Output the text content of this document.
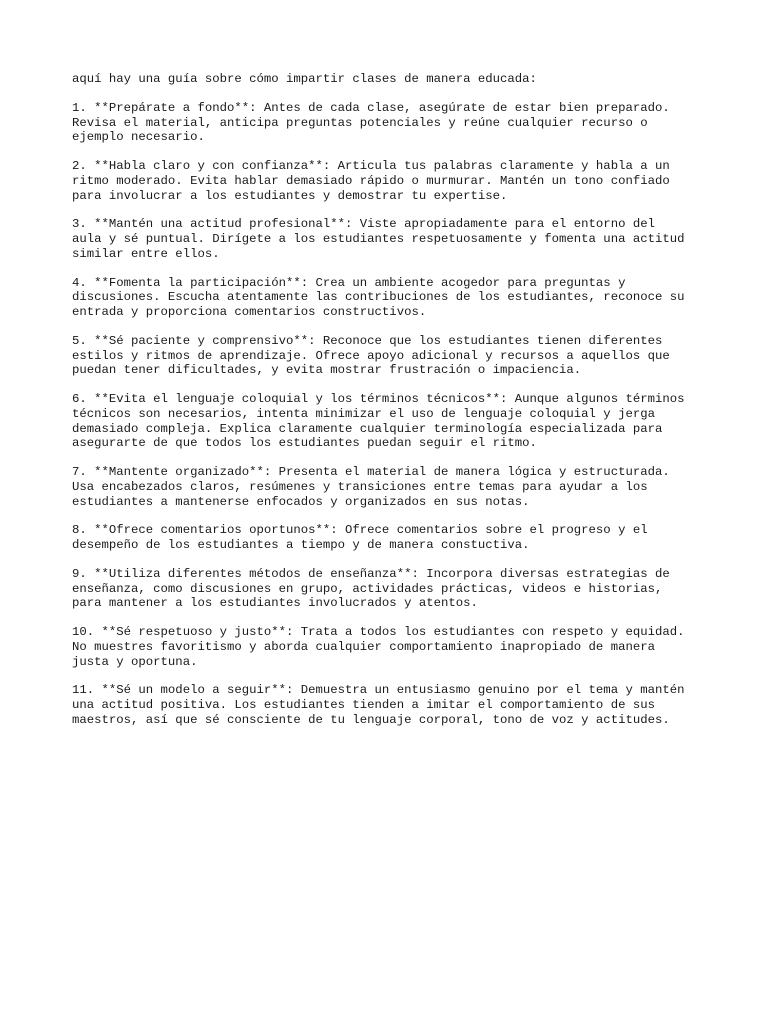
aquí hay una guía sobre cómo impartir clases de manera educada:

1. **Prepárate a fondo**: Antes de cada clase, asegúrate de estar bien preparado.
Revisa el material, anticipa preguntas potenciales y reúne cualquier recurso o
ejemplo necesario.
2. **Habla claro y con confianza**: Articula tus palabras claramente y habla a un
ritmo moderado. Evita hablar demasiado rápido o murmurar. Mantén un tono confiado
para involucrar a los estudiantes y demostrar tu expertise.
3. **Mantén una actitud profesional**: Viste apropiadamente para el entorno del
aula y sé puntual. Dirígete a los estudiantes respetuosamente y fomenta una actitud
similar entre ellos.
4. **Fomenta la participación**: Crea un ambiente acogedor para preguntas y
discusiones. Escucha atentamente las contribuciones de los estudiantes, reconoce su
entrada y proporciona comentarios constructivos.
5. **Sé paciente y comprensivo**: Reconoce que los estudiantes tienen diferentes
estilos y ritmos de aprendizaje. Ofrece apoyo adicional y recursos a aquellos que
puedan tener dificultades, y evita mostrar frustración o impaciencia.
6. **Evita el lenguaje coloquial y los términos técnicos**: Aunque algunos términos
técnicos son necesarios, intenta minimizar el uso de lenguaje coloquial y jerga
demasiado compleja. Explica claramente cualquier terminología especializada para
asegurarte de que todos los estudiantes puedan seguir el ritmo.
7. **Mantente organizado**: Presenta el material de manera lógica y estructurada.
Usa encabezados claros, resúmenes y transiciones entre temas para ayudar a los
estudiantes a mantenerse enfocados y organizados en sus notas.
8. **Ofrece comentarios oportunos**: Ofrece comentarios sobre el progreso y el
desempeño de los estudiantes a tiempo y de manera constuctiva.
9. **Utiliza diferentes métodos de enseñanza**: Incorpora diversas estrategias de
enseñanza, como discusiones en grupo, actividades prácticas, videos e historias,
para mantener a los estudiantes involucrados y atentos.
10. **Sé respetuoso y justo**: Trata a todos los estudiantes con respeto y equidad.
No muestres favoritismo y aborda cualquier comportamiento inapropiado de manera
justa y oportuna.
11. **Sé un modelo a seguir**: Demuestra un entusiasmo genuino por el tema y mantén
una actitud positiva. Los estudiantes tienden a imitar el comportamiento de sus
maestros, así que sé consciente de tu lenguaje corporal, tono de voz y actitudes.
